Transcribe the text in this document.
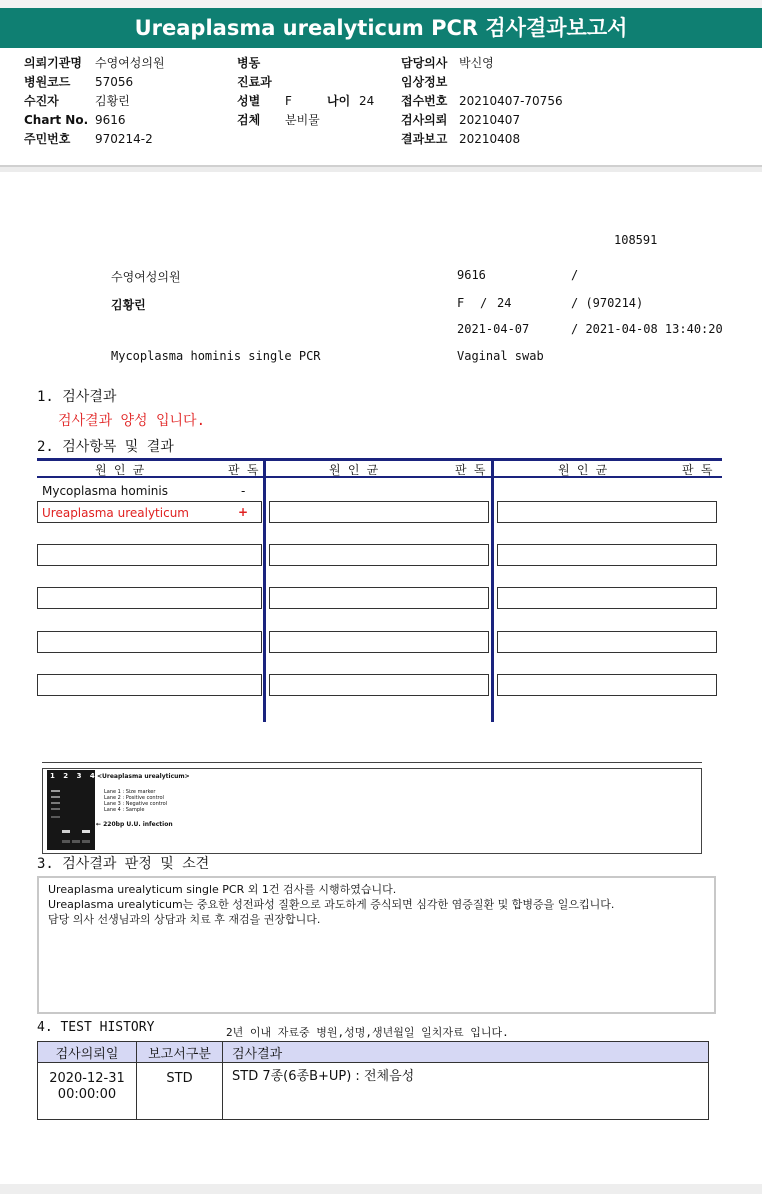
Ureaplasma urealyticum PCR 검사결과보고서
의뢰기관명 수영여성의원
병원코드 57056
수진자	김황린
Chart No. 9616
주민번호 970214-2
병동
진료과
성별 F	나이 24
검체 분비물
담당의사 박신영
임상정보
접수번호 20210407-70756
검사의뢰 20210407
결과보고 20210408
108591
수영여성의원	9616	/
김황린	F / 24	/ (970214)
2021-04-07	/ 2021-04-08 13:40:20
Mycoplasma hominis single PCR	Vaginal swab
1. 검사결과
검사결과 양성 입니다.
2. 검사항목 및 결과
원 인 균	판 독	원 인 균	판 독	원 인 균	판 독
Mycoplasma hominis	-
Ureaplasma urealyticum	+
1 2 3 4 <Ureaplasma urealyticum>
Lane 1 : Size marker
Lane 2 : Positive control
Lane 3 : Negative control
Lane 4 : Sample
← 220bp U.U. infection
3. 검사결과 판정 및 소견
Ureaplasma urealyticum single PCR 외 1건 검사를 시행하였습니다.
Ureaplasma urealyticum는 중요한 성전파성 질환으로 과도하게 증식되면 심각한 염증질환 및 합병증을 일으킵니다.
담당 의사 선생님과의 상담과 치료 후 재검을 권장합니다.
4. TEST HISTORY	2년 이내 자료중 병원,성명,생년월일 일치자료 입니다.
검사의뢰일	보고서구분	검사결과

2020-12-31
00:00:00	STD	STD 7종(6종B+UP) : 전체음성
